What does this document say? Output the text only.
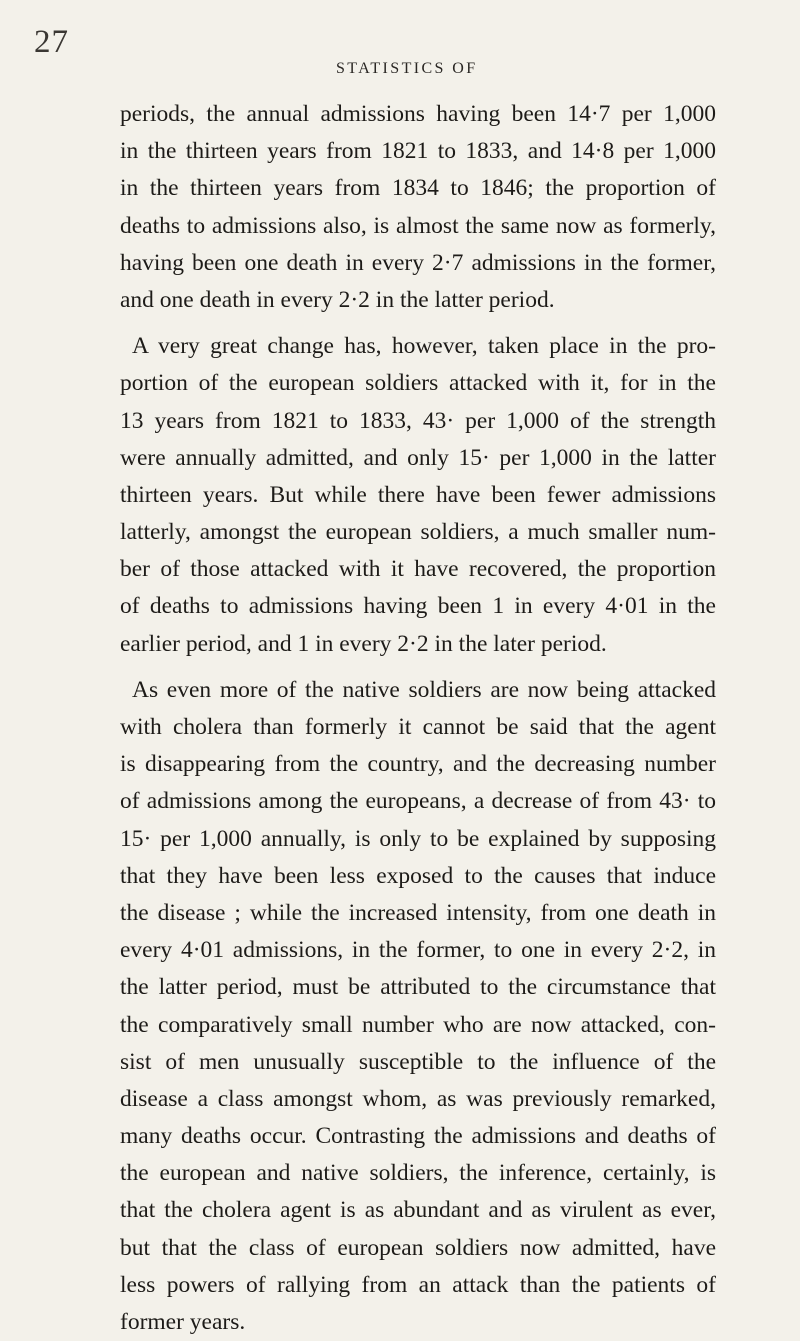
27
STATISTICS OF
periods, the annual admissions having been 14·7 per 1,000
in the thirteen years from 1821 to 1833, and 14·8 per 1,000
in the thirteen years from 1834 to 1846; the proportion of
deaths to admissions also, is almost the same now as formerly,
having been one death in every 2·7 admissions in the former,
and one death in every 2·2 in the latter period.
A very great change has, however, taken place in the pro-
portion of the european soldiers attacked with it, for in the
13 years from 1821 to 1833, 43· per 1,000 of the strength
were annually admitted, and only 15· per 1,000 in the latter
thirteen years. But while there have been fewer admissions
latterly, amongst the european soldiers, a much smaller num-
ber of those attacked with it have recovered, the proportion
of deaths to admissions having been 1 in every 4·01 in the
earlier period, and 1 in every 2·2 in the later period.
As even more of the native soldiers are now being attacked
with cholera than formerly it cannot be said that the agent
is disappearing from the country, and the decreasing number
of admissions among the europeans, a decrease of from 43· to
15· per 1,000 annually, is only to be explained by supposing
that they have been less exposed to the causes that induce
the disease ; while the increased intensity, from one death in
every 4·01 admissions, in the former, to one in every 2·2, in
the latter period, must be attributed to the circumstance that
the comparatively small number who are now attacked, con-
sist of men unusually susceptible to the influence of the
disease a class amongst whom, as was previously remarked,
many deaths occur. Contrasting the admissions and deaths of
the european and native soldiers, the inference, certainly, is
that the cholera agent is as abundant and as virulent as ever,
but that the class of european soldiers now admitted, have
less powers of rallying from an attack than the patients of
former years.
